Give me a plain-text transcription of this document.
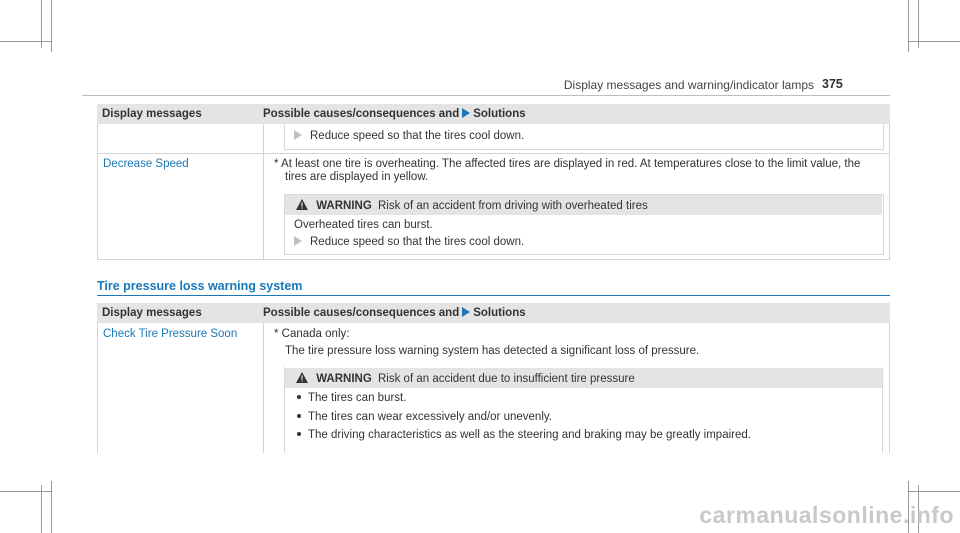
Display messages and warning/indicator lamps 375
Display messages	Possible causes/consequences and Solutions
Reduce speed so that the tires cool down.
Decrease Speed	* At least one tire is overheating. The affected tires are displayed in red. At temperatures close to the limit value, the
tires are displayed in yellow.
WARNING Risk of an accident from driving with overheated tires
Overheated tires can burst.
Reduce speed so that the tires cool down.
Tire pressure loss warning system
Display messages	Possible causes/consequences and Solutions
Check Tire Pressure Soon	* Canada only:
The tire pressure loss warning system has detected a significant loss of pressure.
WARNING Risk of an accident due to insufficient tire pressure
The tires can burst.
The tires can wear excessively and/or unevenly.
The driving characteristics as well as the steering and braking may be greatly impaired.
carmanualsonline.info
